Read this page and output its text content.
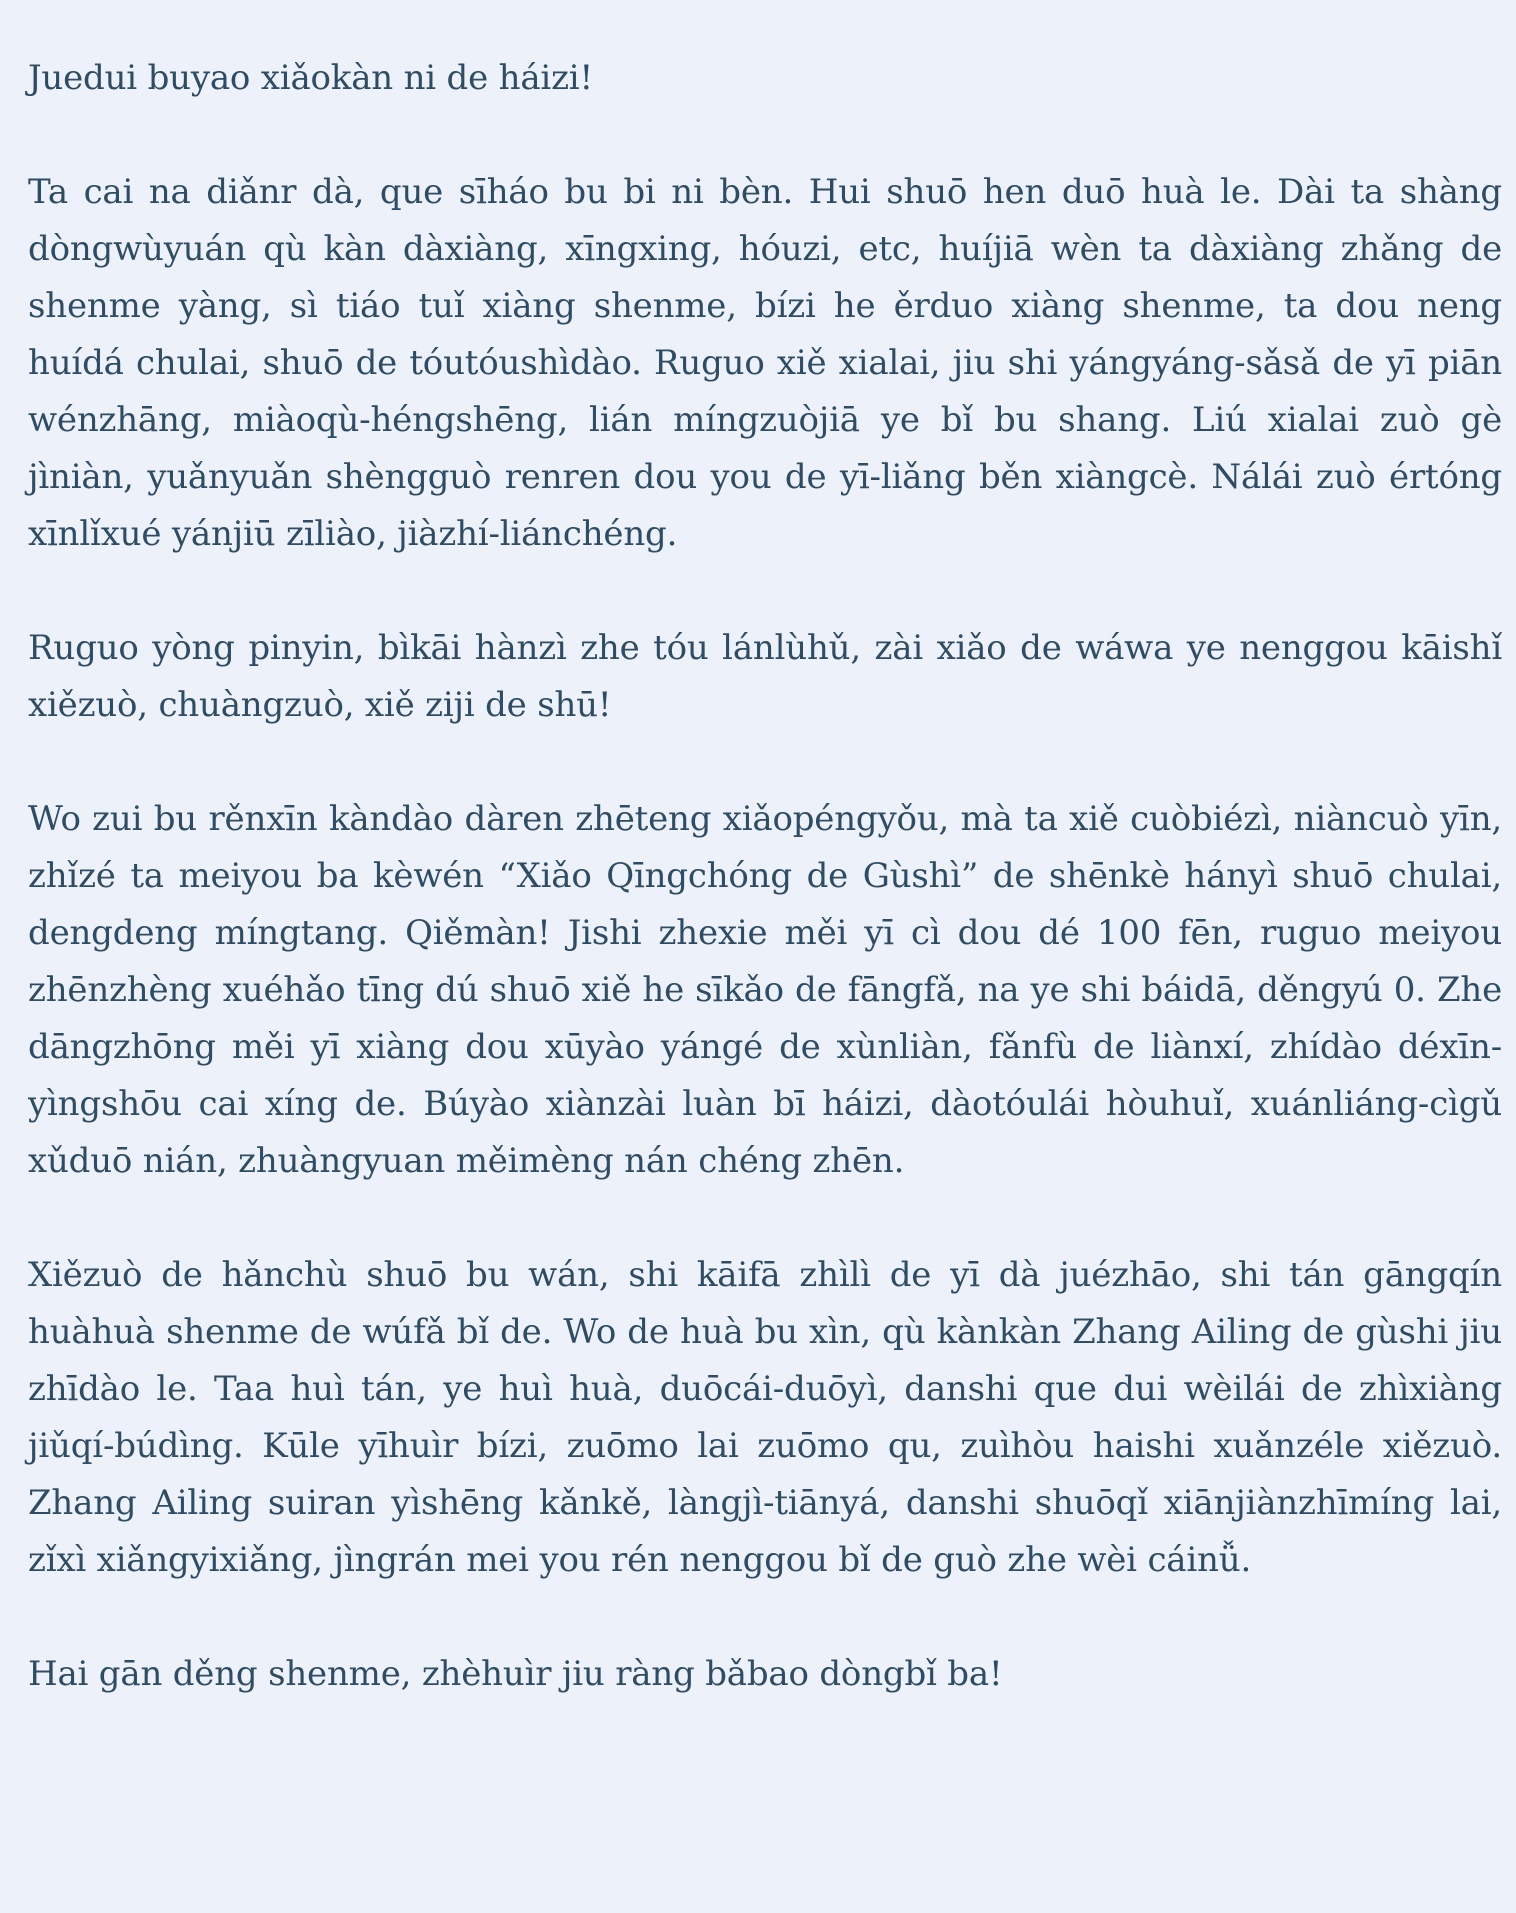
Juedui buyao xiǎokàn ni de háizi!

Ta cai na diǎnr dà, que sīháo bu bi ni bèn. Hui shuō hen duō huà le. Dài ta shàng dòngwùyuán qù kàn dàxiàng, xīngxing, hóuzi, etc, huíjiā wèn ta dàxiàng zhǎng de shenme yàng, sì tiáo tuǐ xiàng shenme, bízi he ěrduo xiàng shenme, ta dou neng huídá chulai, shuō de tóutóushìdào. Ruguo xiě xialai, jiu shi yángyáng-sǎsǎ de yī piān wénzhāng, miàoqù-héngshēng, lián míngzuòjiā ye bǐ bu shang. Liú xialai zuò gè jìniàn, yuǎnyuǎn shèngguò renren dou you de yī-liǎng běn xiàngcè. Nálái zuò értóng xīnlǐxué yánjiū zīliào, jiàzhí-liánchéng.

Ruguo yòng pinyin, bìkāi hànzì zhe tóu lánlùhǔ, zài xiǎo de wáwa ye nenggou kāishǐ xiězuò, chuàngzuò, xiě ziji de shū!

Wo zui bu rěnxīn kàndào dàren zhēteng xiǎopéngyǒu, mà ta xiě cuòbiézì, niàncuò yīn, zhǐzé ta meiyou ba kèwén “Xiǎo Qīngchóng de Gùshì” de shēnkè hányì shuō chulai, dengdeng míngtang. Qiěmàn! Jishi zhexie měi yī cì dou dé 100 fēn, ruguo meiyou zhēnzhèng xuéhǎo tīng dú shuō xiě he sīkǎo de fāngfǎ, na ye shi báidā, děngyú 0. Zhe dāngzhōng měi yī xiàng dou xūyào yángé de xùnliàn, fǎnfù de liànxí, zhídào déxīn-yìngshōu cai xíng de. Búyào xiànzài luàn bī háizi, dàotóulái hòuhuǐ, xuánliáng-cìgǔ xǔduō nián, zhuàngyuan měimèng nán chéng zhēn.

Xiězuò de hǎnchù shuō bu wán, shi kāifā zhìlì de yī dà juézhāo, shi tán gāngqín huàhuà shenme de wúfǎ bǐ de. Wo de huà bu xìn, qù kànkàn Zhang Ailing de gùshi jiu zhīdào le. Taa huì tán, ye huì huà, duōcái-duōyì, danshi que dui wèilái de zhìxiàng jiǔqí-búdìng. Kūle yīhuìr bízi, zuōmo lai zuōmo qu, zuìhòu haishi xuǎnzéle xiězuò. Zhang Ailing suiran yìshēng kǎnkě, làngjì-tiānyá, danshi shuōqǐ xiānjiànzhīmíng lai, zǐxì xiǎngyixiǎng, jìngrán mei you rén nenggou bǐ de guò zhe wèi cáinǚ.

Hai gān děng shenme, zhèhuìr jiu ràng bǎbao dòngbǐ ba!
